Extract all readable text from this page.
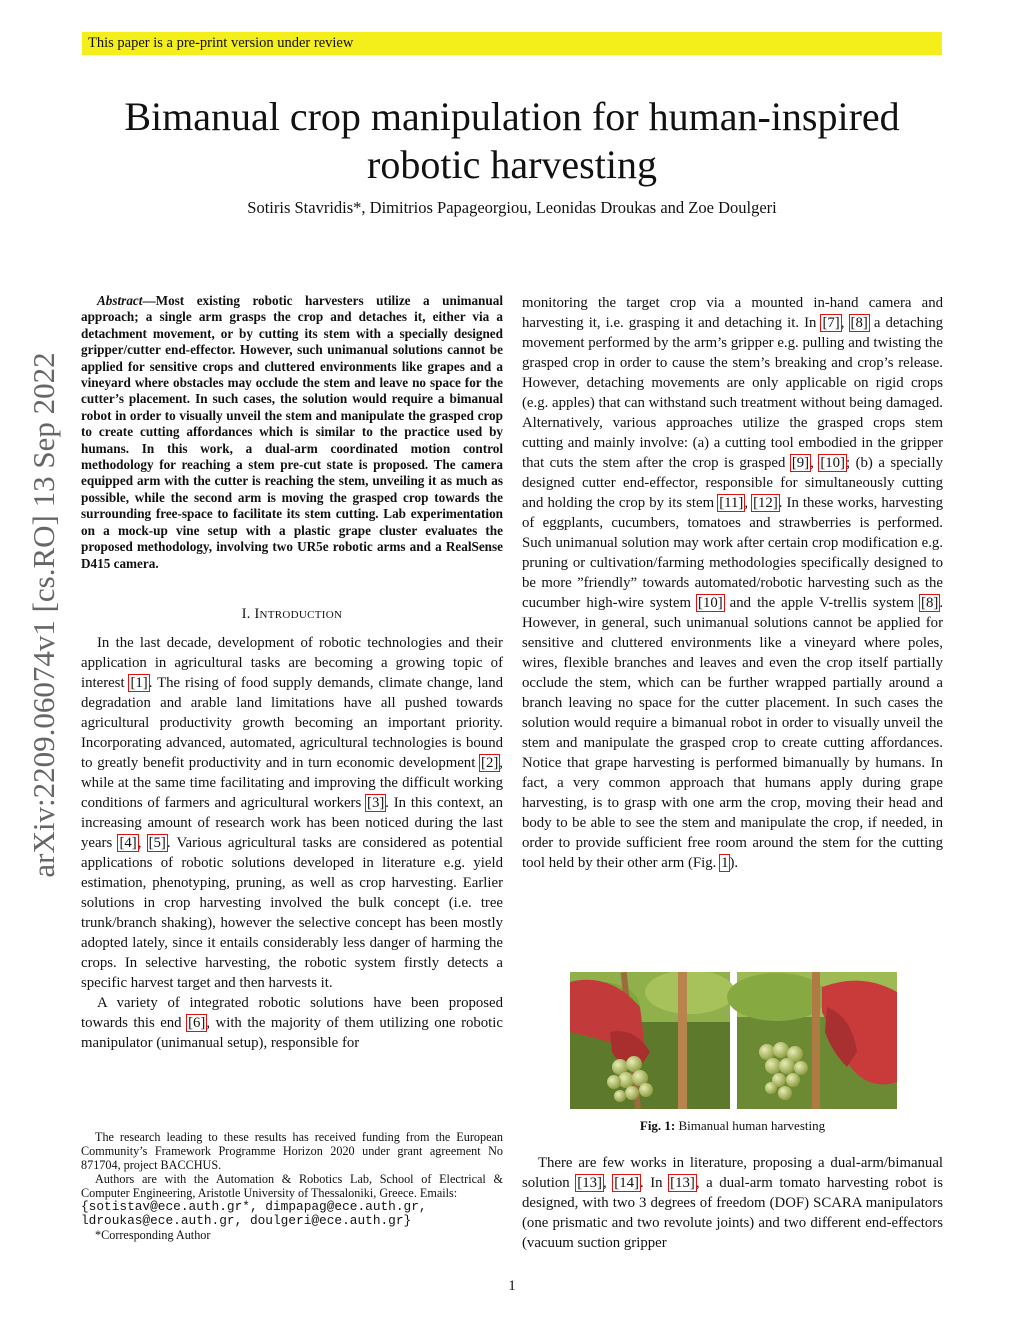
This paper is a pre-print version under review
arXiv:2209.06074v1 [cs.RO] 13 Sep 2022
Bimanual crop manipulation for human-inspired robotic harvesting
Sotiris Stavridis*, Dimitrios Papageorgiou, Leonidas Droukas and Zoe Doulgeri

Abstract—Most existing robotic harvesters utilize a unimanual approach; a single arm grasps the crop and detaches it, either via a detachment movement, or by cutting its stem with a specially designed gripper/cutter end-effector. However, such unimanual solutions cannot be applied for sensitive crops and cluttered environments like grapes and a vineyard where obstacles may occlude the stem and leave no space for the cutter’s placement. In such cases, the solution would require a bimanual robot in order to visually unveil the stem and manipulate the grasped crop to create cutting affordances which is similar to the practice used by humans. In this work, a dual-arm coordinated motion control methodology for reaching a stem pre-cut state is proposed. The camera equipped arm with the cutter is reaching the stem, unveiling it as much as possible, while the second arm is moving the grasped crop towards the surrounding free-space to facilitate its stem cutting. Lab experimentation on a mock-up vine setup with a plastic grape cluster evaluates the proposed methodology, involving two UR5e robotic arms and a RealSense D415 camera.

I. INTRODUCTION

In the last decade, development of robotic technologies and their application in agricultural tasks are becoming a growing topic of interest [1]. The rising of food supply demands, climate change, land degradation and arable land limitations have all pushed towards agricultural productivity growth becoming an important priority. Incorporating advanced, automated, agricultural technologies is bound to greatly benefit productivity and in turn economic development [2], while at the same time facilitating and improving the difficult working conditions of farmers and agricultural workers [3]. In this context, an increasing amount of research work has been noticed during the last years [4], [5]. Various agricultural tasks are considered as potential applications of robotic solutions developed in literature e.g. yield estimation, phenotyping, pruning, as well as crop harvesting. Earlier solutions in crop harvesting involved the bulk concept (i.e. tree trunk/branch shaking), however the selective concept has been mostly adopted lately, since it entails considerably less danger of harming the crops. In selective harvesting, the robotic system firstly detects a specific harvest target and then harvests it.

A variety of integrated robotic solutions have been proposed towards this end [6], with the majority of them utilizing one robotic manipulator (unimanual setup), responsible for

The research leading to these results has received funding from the European Community’s Framework Programme Horizon 2020 under grant agreement No 871704, project BACCHUS.

Authors are with the Automation & Robotics Lab, School of Electrical & Computer Engineering, Aristotle University of Thessaloniki, Greece. Emails:

{sotistav@ece.auth.gr*, dimpapag@ece.auth.gr,
ldroukas@ece.auth.gr, doulgeri@ece.auth.gr}

*Corresponding Author

monitoring the target crop via a mounted in-hand camera and harvesting it, i.e. grasping it and detaching it. In [7], [8] a detaching movement performed by the arm’s gripper e.g. pulling and twisting the grasped crop in order to cause the stem’s breaking and crop’s release. However, detaching movements are only applicable on rigid crops (e.g. apples) that can withstand such treatment without being damaged. Alternatively, various approaches utilize the grasped crops stem cutting and mainly involve: (a) a cutting tool embodied in the gripper that cuts the stem after the crop is grasped [9], [10]; (b) a specially designed cutter end-effector, responsible for simultaneously cutting and holding the crop by its stem [11], [12]. In these works, harvesting of eggplants, cucumbers, tomatoes and strawberries is performed. Such unimanual solution may work after certain crop modification e.g. pruning or cultivation/farming methodologies specifically designed to be more ”friendly” towards automated/robotic harvesting such as the cucumber high-wire system [10] and the apple V-trellis system [8]. However, in general, such unimanual solutions cannot be applied for sensitive and cluttered environments like a vineyard where poles, wires, flexible branches and leaves and even the crop itself partially occlude the stem, which can be further wrapped partially around a branch leaving no space for the cutter placement. In such cases the solution would require a bimanual robot in order to visually unveil the stem and manipulate the grasped crop to create cutting affordances. Notice that grape harvesting is performed bimanually by humans. In fact, a very common approach that humans apply during grape harvesting, is to grasp with one arm the crop, moving their head and body to be able to see the stem and manipulate the crop, if needed, in order to provide sufficient free room around the stem for the cutting tool held by their other arm (Fig. 1).

Fig. 1: Bimanual human harvesting

There are few works in literature, proposing a dual-arm/bimanual solution [13], [14]. In [13], a dual-arm tomato harvesting robot is designed, with two 3 degrees of freedom (DOF) SCARA manipulators (one prismatic and two revolute joints) and two different end-effectors (vacuum suction gripper

1
